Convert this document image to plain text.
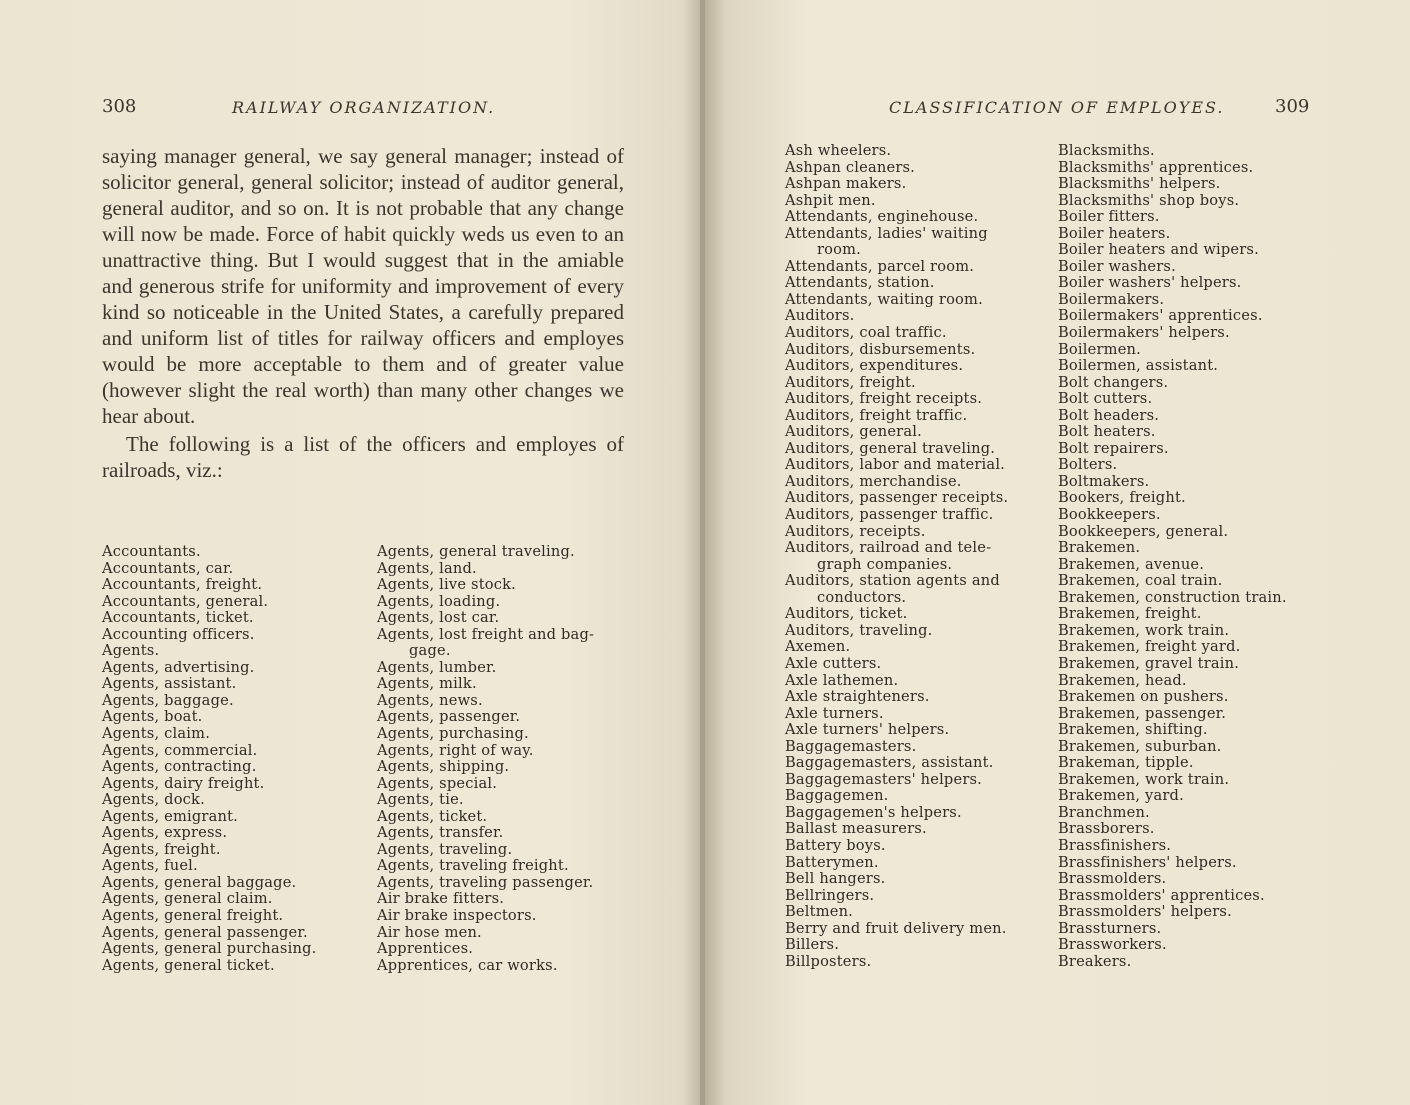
308	RAILWAY ORGANIZATION.

saying manager general, we say general manager; instead of solicitor general, general solicitor; instead of auditor general, general auditor, and so on. It is not probable that any change will now be made. Force of habit quickly weds us even to an unattractive thing. But I would suggest that in the amiable and generous strife for uniformity and improvement of every kind so noticeable in the United States, a carefully prepared and uniform list of titles for railway officers and employes would be more acceptable to them and of greater value (however slight the real worth) than many other changes we hear about.

The following is a list of the officers and employes of railroads, viz.:

Accountants.
Accountants, car.
Accountants, freight.
Accountants, general.
Accountants, ticket.
Accounting officers.
Agents.
Agents, advertising.
Agents, assistant.
Agents, baggage.
Agents, boat.
Agents, claim.
Agents, commercial.
Agents, contracting.
Agents, dairy freight.
Agents, dock.
Agents, emigrant.
Agents, express.
Agents, freight.
Agents, fuel.
Agents, general baggage.
Agents, general claim.
Agents, general freight.
Agents, general passenger.
Agents, general purchasing.
Agents, general ticket.
Agents, general traveling.
Agents, land.
Agents, live stock.
Agents, loading.
Agents, lost car.
Agents, lost freight and bag-
gage.
Agents, lumber.
Agents, milk.
Agents, news.
Agents, passenger.
Agents, purchasing.
Agents, right of way.
Agents, shipping.
Agents, special.
Agents, tie.
Agents, ticket.
Agents, transfer.
Agents, traveling.
Agents, traveling freight.
Agents, traveling passenger.
Air brake fitters.
Air brake inspectors.
Air hose men.
Apprentices.
Apprentices, car works.
CLASSIFICATION OF EMPLOYES.	309
Ash wheelers.
Ashpan cleaners.
Ashpan makers.
Ashpit men.
Attendants, enginehouse.
Attendants, ladies' waiting
room.
Attendants, parcel room.
Attendants, station.
Attendants, waiting room.
Auditors.
Auditors, coal traffic.
Auditors, disbursements.
Auditors, expenditures.
Auditors, freight.
Auditors, freight receipts.
Auditors, freight traffic.
Auditors, general.
Auditors, general traveling.
Auditors, labor and material.
Auditors, merchandise.
Auditors, passenger receipts.
Auditors, passenger traffic.
Auditors, receipts.
Auditors, railroad and tele-
graph companies.
Auditors, station agents and
conductors.
Auditors, ticket.
Auditors, traveling.
Axemen.
Axle cutters.
Axle lathemen.
Axle straighteners.
Axle turners.
Axle turners' helpers.
Baggagemasters.
Baggagemasters, assistant.
Baggagemasters' helpers.
Baggagemen.
Baggagemen's helpers.
Ballast measurers.
Battery boys.
Batterymen.
Bell hangers.
Bellringers.
Beltmen.
Berry and fruit delivery men.
Billers.
Billposters.
Blacksmiths.
Blacksmiths' apprentices.
Blacksmiths' helpers.
Blacksmiths' shop boys.
Boiler fitters.
Boiler heaters.
Boiler heaters and wipers.
Boiler washers.
Boiler washers' helpers.
Boilermakers.
Boilermakers' apprentices.
Boilermakers' helpers.
Boilermen.
Boilermen, assistant.
Bolt changers.
Bolt cutters.
Bolt headers.
Bolt heaters.
Bolt repairers.
Bolters.
Boltmakers.
Bookers, freight.
Bookkeepers.
Bookkeepers, general.
Brakemen.
Brakemen, avenue.
Brakemen, coal train.
Brakemen, construction train.
Brakemen, freight.
Brakemen, work train.
Brakemen, freight yard.
Brakemen, gravel train.
Brakemen, head.
Brakemen on pushers.
Brakemen, passenger.
Brakemen, shifting.
Brakemen, suburban.
Brakeman, tipple.
Brakemen, work train.
Brakemen, yard.
Branchmen.
Brassborers.
Brassfinishers.
Brassfinishers' helpers.
Brassmolders.
Brassmolders' apprentices.
Brassmolders' helpers.
Brassturners.
Brassworkers.
Breakers.
